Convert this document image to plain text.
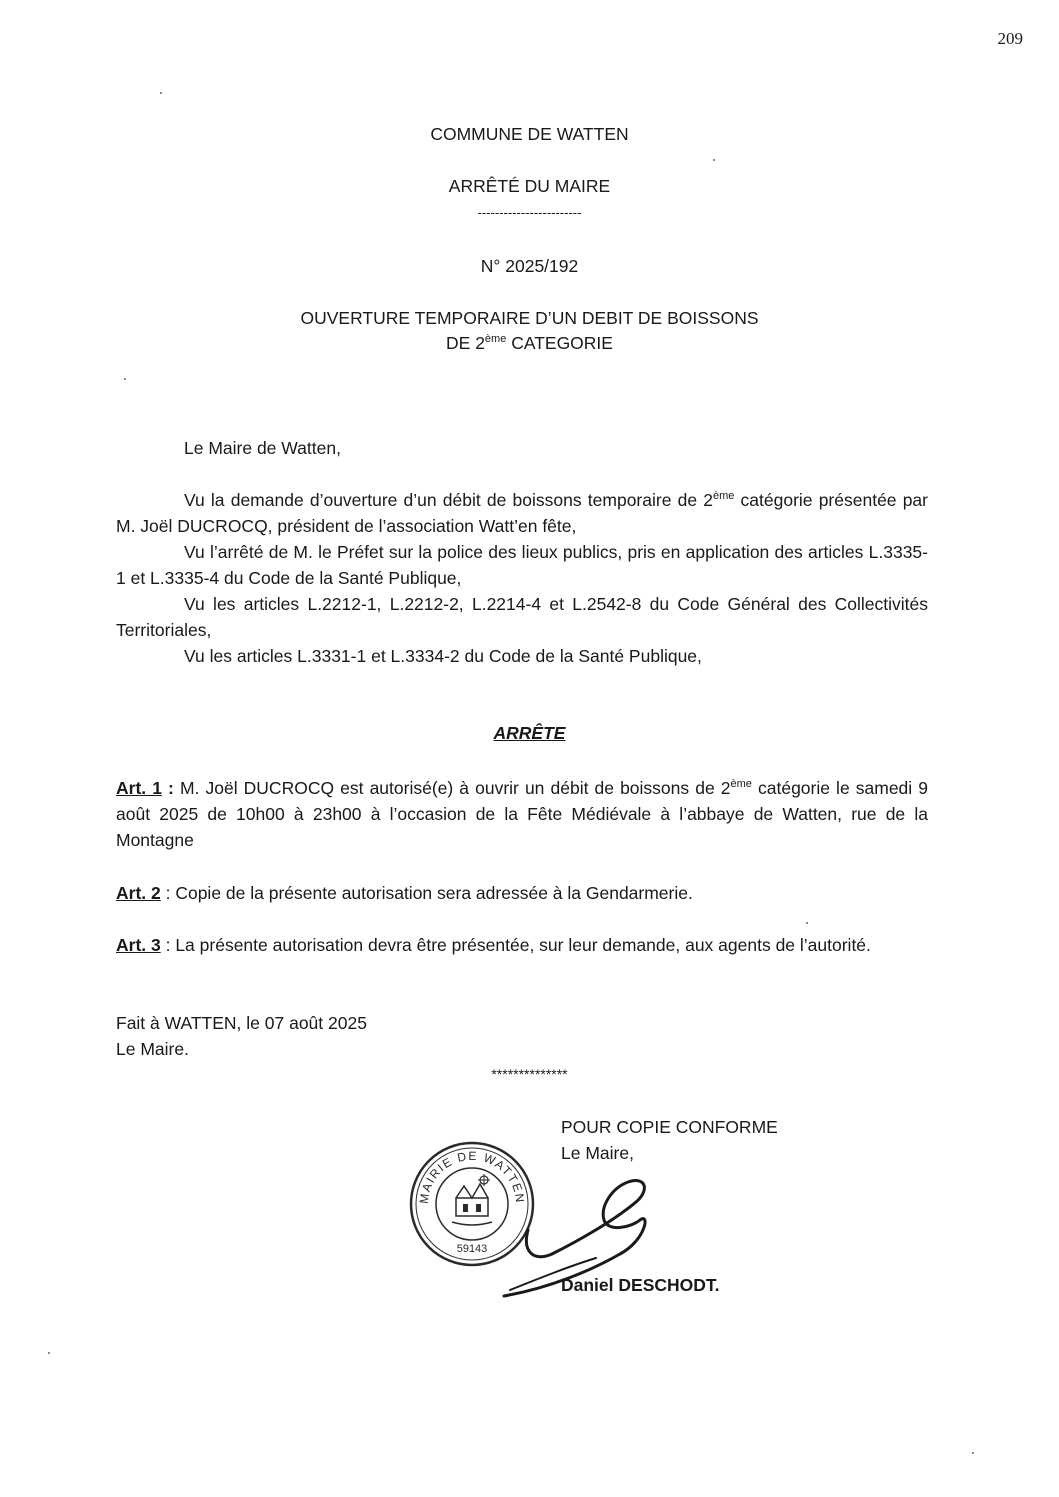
209
COMMUNE DE WATTEN
ARRÊTÉ DU MAIRE
------------------------
N° 2025/192
OUVERTURE TEMPORAIRE D’UN DEBIT DE BOISSONS
DE 2ème CATEGORIE
Le Maire de Watten,

Vu la demande d’ouverture d’un débit de boissons temporaire de 2ème catégorie présentée par M. Joël DUCROCQ, président de l’association Watt’en fête,

Vu l’arrêté de M. le Préfet sur la police des lieux publics, pris en application des articles L.3335-1 et L.3335-4 du Code de la Santé Publique,

Vu les articles L.2212-1, L.2212-2, L.2214-4 et L.2542-8 du Code Général des Collectivités Territoriales,

Vu les articles L.3331-1 et L.3334-2 du Code de la Santé Publique,

ARRÊTE

Art. 1 : M. Joël DUCROCQ est autorisé(e) à ouvrir un débit de boissons de 2ème catégorie le samedi 9 août 2025 de 10h00 à 23h00 à l’occasion de la Fête Médiévale à l’abbaye de Watten, rue de la Montagne

Art. 2 : Copie de la présente autorisation sera adressée à la Gendarmerie.

Art. 3 : La présente autorisation devra être présentée, sur leur demande, aux agents de l’autorité.

Fait à WATTEN, le 07 août 2025
Le Maire.
**************
POUR COPIE CONFORME
Le Maire,
Daniel DESCHODT.
MAIRIE DE WATTEN
59143
